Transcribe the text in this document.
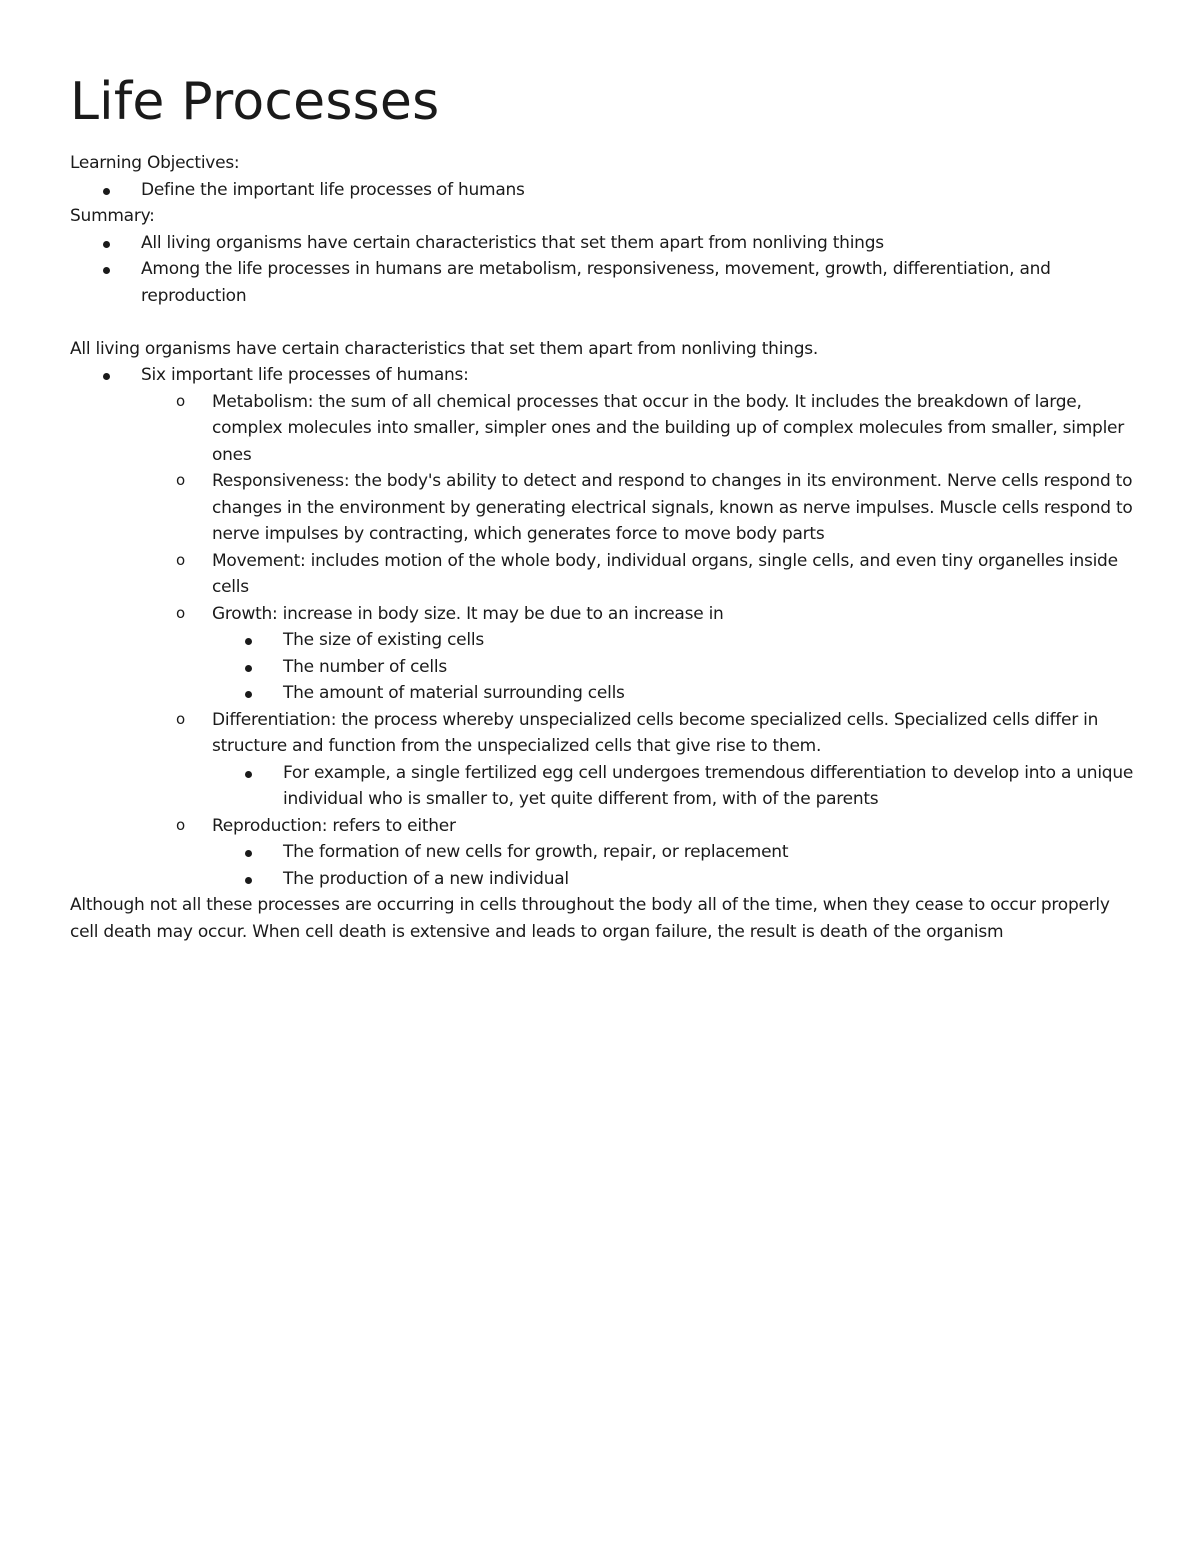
Life Processes

Learning Objectives:

Define the important life processes of humans

Summary:

All living organisms have certain characteristics that set them apart from nonliving things
Among the life processes in humans are metabolism, responsiveness, movement, growth, differentiation, and reproduction

All living organisms have certain characteristics that set them apart from nonliving things.

Six important life processes of humans:
o Metabolism: the sum of all chemical processes that occur in the body. It includes the breakdown of large, complex molecules into smaller, simpler ones and the building up of complex molecules from smaller, simpler ones
o Responsiveness: the body's ability to detect and respond to changes in its environment. Nerve cells respond to changes in the environment by generating electrical signals, known as nerve impulses. Muscle cells respond to nerve impulses by contracting, which generates force to move body parts
o Movement: includes motion of the whole body, individual organs, single cells, and even tiny organelles inside cells
o Growth: increase in body size. It may be due to an increase in
The size of existing cells
The number of cells
The amount of material surrounding cells
o Differentiation: the process whereby unspecialized cells become specialized cells. Specialized cells differ in structure and function from the unspecialized cells that give rise to them.
For example, a single fertilized egg cell undergoes tremendous differentiation to develop into a unique individual who is smaller to, yet quite different from, with of the parents
o Reproduction: refers to either
The formation of new cells for growth, repair, or replacement
The production of a new individual

Although not all these processes are occurring in cells throughout the body all of the time, when they cease to occur properly cell death may occur. When cell death is extensive and leads to organ failure, the result is death of the organism
